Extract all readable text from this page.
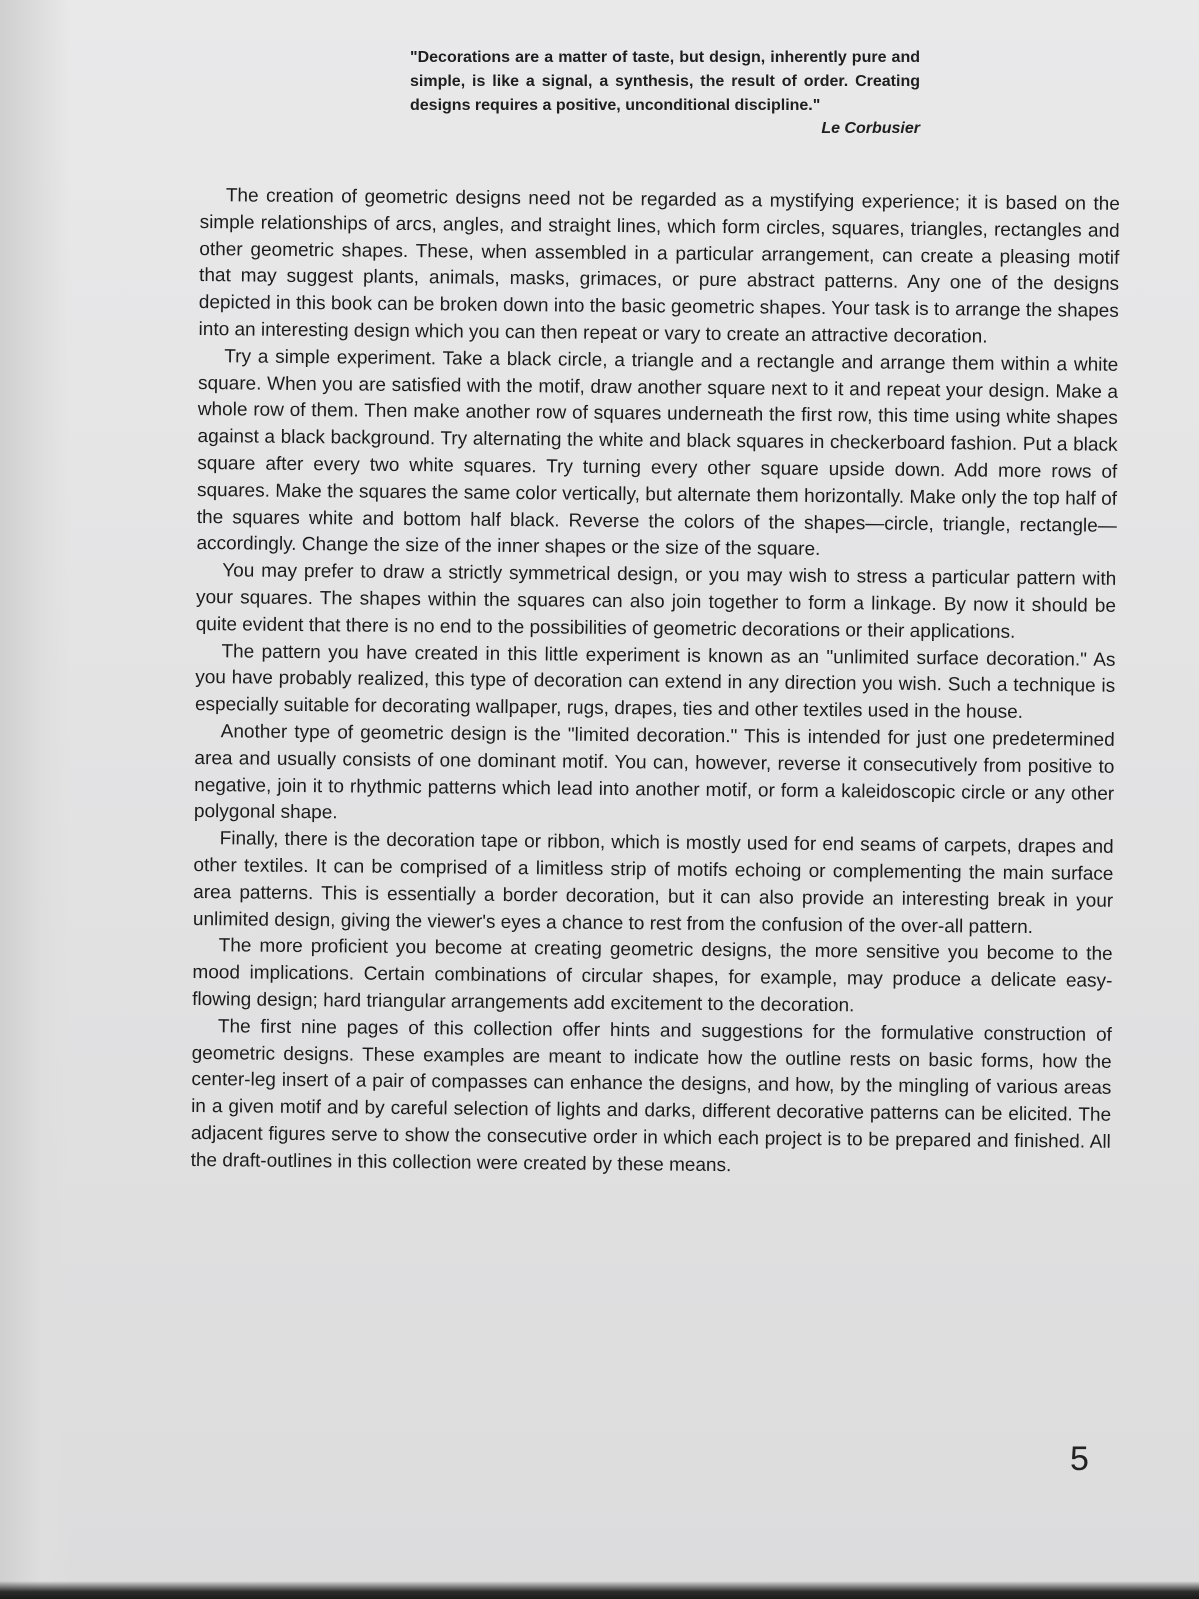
"Decorations are a matter of taste, but design, inherently pure and simple, is like a signal, a synthesis, the result of order. Creating designs requires a positive, unconditional discipline."
Le Corbusier

The creation of geometric designs need not be regarded as a mystifying experience; it is based on the simple relationships of arcs, angles, and straight lines, which form circles, squares, triangles, rectangles and other geometric shapes. These, when assembled in a particular arrangement, can create a pleasing motif that may suggest plants, animals, masks, grimaces, or pure abstract patterns. Any one of the designs depicted in this book can be broken down into the basic geometric shapes. Your task is to arrange the shapes into an interesting design which you can then repeat or vary to create an attractive decoration.

Try a simple experiment. Take a black circle, a triangle and a rectangle and arrange them within a white square. When you are satisfied with the motif, draw another square next to it and repeat your design. Make a whole row of them. Then make another row of squares underneath the first row, this time using white shapes against a black background. Try alternating the white and black squares in checkerboard fashion. Put a black square after every two white squares. Try turning every other square upside down. Add more rows of squares. Make the squares the same color vertically, but alternate them horizontally. Make only the top half of the squares white and bottom half black. Reverse the colors of the shapes—circle, triangle, rectangle—accordingly. Change the size of the inner shapes or the size of the square.

You may prefer to draw a strictly symmetrical design, or you may wish to stress a particular pattern with your squares. The shapes within the squares can also join together to form a linkage. By now it should be quite evident that there is no end to the possibilities of geometric decorations or their applications.

The pattern you have created in this little experiment is known as an "unlimited surface decoration." As you have probably realized, this type of decoration can extend in any direction you wish. Such a technique is especially suitable for decorating wallpaper, rugs, drapes, ties and other textiles used in the house.

Another type of geometric design is the "limited decoration." This is intended for just one predetermined area and usually consists of one dominant motif. You can, however, reverse it consecutively from positive to negative, join it to rhythmic patterns which lead into another motif, or form a kaleidoscopic circle or any other polygonal shape.

Finally, there is the decoration tape or ribbon, which is mostly used for end seams of carpets, drapes and other textiles. It can be comprised of a limitless strip of motifs echoing or complementing the main surface area patterns. This is essentially a border decoration, but it can also provide an interesting break in your unlimited design, giving the viewer's eyes a chance to rest from the confusion of the over-all pattern.

The more proficient you become at creating geometric designs, the more sensitive you become to the mood implications. Certain combinations of circular shapes, for example, may produce a delicate easy-flowing design; hard triangular arrangements add excitement to the decoration.

The first nine pages of this collection offer hints and suggestions for the formulative construction of geometric designs. These examples are meant to indicate how the outline rests on basic forms, how the center-leg insert of a pair of compasses can enhance the designs, and how, by the mingling of various areas in a given motif and by careful selection of lights and darks, different decorative patterns can be elicited. The adjacent figures serve to show the consecutive order in which each project is to be prepared and finished. All the draft-outlines in this collection were created by these means.

5
